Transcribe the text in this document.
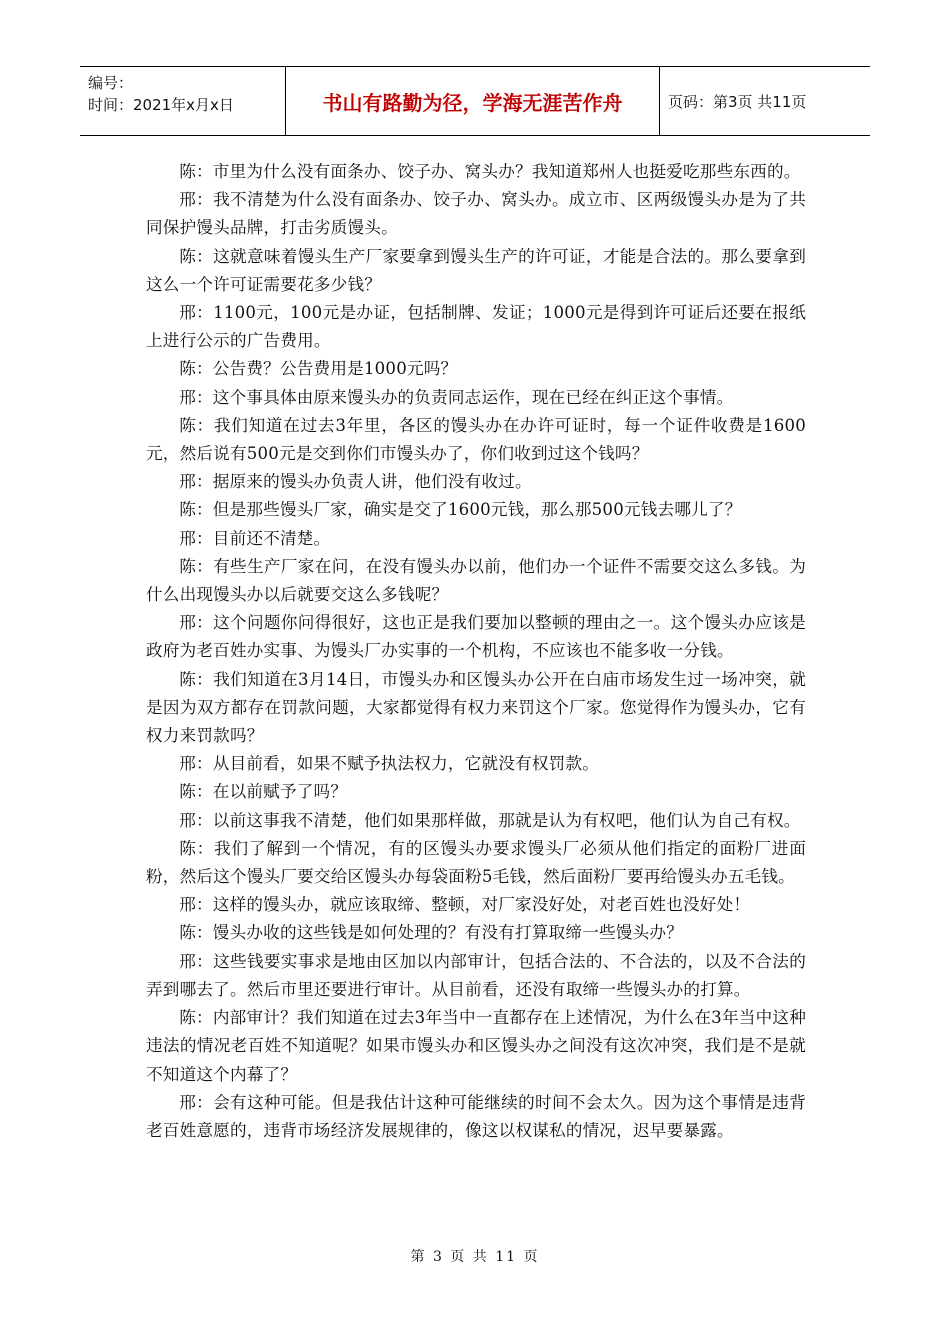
编号：
时间：2021年x月x日	书山有路勤为径，学海无涯苦作舟	页码：第3页 共11页

陈：市里为什么没有面条办、饺子办、窝头办？我知道郑州人也挺爱吃那些东西的。

邢：我不清楚为什么没有面条办、饺子办、窝头办。成立市、区两级馒头办是为了共同保护馒头品牌，打击劣质馒头。

陈：这就意味着馒头生产厂家要拿到馒头生产的许可证，才能是合法的。那么要拿到这么一个许可证需要花多少钱？

邢：1100元，100元是办证，包括制牌、发证；1000元是得到许可证后还要在报纸上进行公示的广告费用。

陈：公告费？公告费用是1000元吗？

邢：这个事具体由原来馒头办的负责同志运作，现在已经在纠正这个事情。

陈：我们知道在过去3年里，各区的馒头办在办许可证时，每一个证件收费是1600元，然后说有500元是交到你们市馒头办了，你们收到过这个钱吗？

邢：据原来的馒头办负责人讲，他们没有收过。

陈：但是那些馒头厂家，确实是交了1600元钱，那么那500元钱去哪儿了？

邢：目前还不清楚。

陈：有些生产厂家在问，在没有馒头办以前，他们办一个证件不需要交这么多钱。为什么出现馒头办以后就要交这么多钱呢？

邢：这个问题你问得很好，这也正是我们要加以整顿的理由之一。这个馒头办应该是政府为老百姓办实事、为馒头厂办实事的一个机构，不应该也不能多收一分钱。

陈：我们知道在3月14日，市馒头办和区馒头办公开在白庙市场发生过一场冲突，就是因为双方都存在罚款问题，大家都觉得有权力来罚这个厂家。您觉得作为馒头办，它有权力来罚款吗？

邢：从目前看，如果不赋予执法权力，它就没有权罚款。

陈：在以前赋予了吗？

邢：以前这事我不清楚，他们如果那样做，那就是认为有权吧，他们认为自己有权。

陈：我们了解到一个情况，有的区馒头办要求馒头厂必须从他们指定的面粉厂进面粉，然后这个馒头厂要交给区馒头办每袋面粉5毛钱，然后面粉厂要再给馒头办五毛钱。

邢：这样的馒头办，就应该取缔、整顿，对厂家没好处，对老百姓也没好处！

陈：馒头办收的这些钱是如何处理的？有没有打算取缔一些馒头办？

邢：这些钱要实事求是地由区加以内部审计，包括合法的、不合法的，以及不合法的弄到哪去了。然后市里还要进行审计。从目前看，还没有取缔一些馒头办的打算。

陈：内部审计？我们知道在过去3年当中一直都存在上述情况，为什么在3年当中这种违法的情况老百姓不知道呢？如果市馒头办和区馒头办之间没有这次冲突，我们是不是就不知道这个内幕了？

邢：会有这种可能。但是我估计这种可能继续的时间不会太久。因为这个事情是违背老百姓意愿的，违背市场经济发展规律的，像这以权谋私的情况，迟早要暴露。

第 3 页 共 11 页
